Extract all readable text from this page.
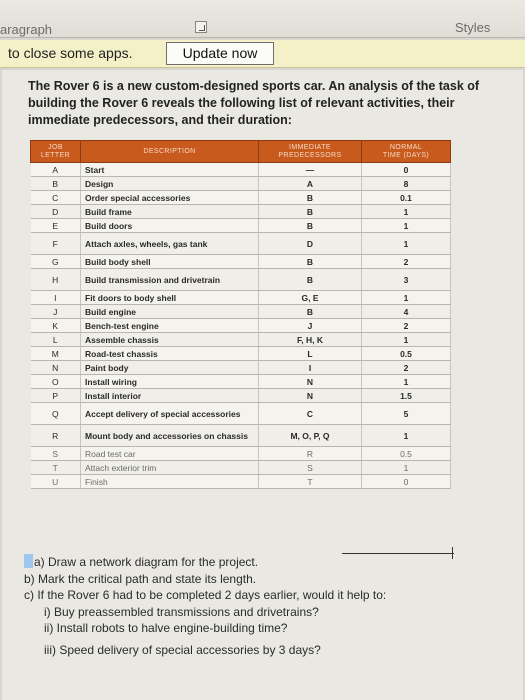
aragraph	Styles
to close some apps.	Update now
The Rover 6 is a new custom-designed sports car. An analysis of the task of building the Rover 6 reveals the following list of relevant activities, their immediate predecessors, and their duration:
JOB
LETTER	DESCRIPTION	IMMEDIATE
PREDECESSORS	NORMAL
TIME (DAYS)
A	Start	—	0
B	Design	A	8
C	Order special accessories	B	0.1
D	Build frame	B	1
E	Build doors	B	1
F	Attach axles, wheels, gas tank	D	1
G	Build body shell	B	2
H	Build transmission and drivetrain	B	3
I	Fit doors to body shell	G, E	1
J	Build engine	B	4
K	Bench-test engine	J	2
L	Assemble chassis	F, H, K	1
M	Road-test chassis	L	0.5
N	Paint body	I	2
O	Install wiring	N	1
P	Install interior	N	1.5
Q	Accept delivery of special accessories	C	5
R	Mount body and accessories on chassis	M, O, P, Q	1
S	Road test car	R	0.5
T	Attach exterior trim	S	1
U	Finish	T	0
a) Draw a network diagram for the project.
b) Mark the critical path and state its length.
c) If the Rover 6 had to be completed 2 days earlier, would it help to:
i) Buy preassembled transmissions and drivetrains?
ii) Install robots to halve engine-building time?
iii) Speed delivery of special accessories by 3 days?
